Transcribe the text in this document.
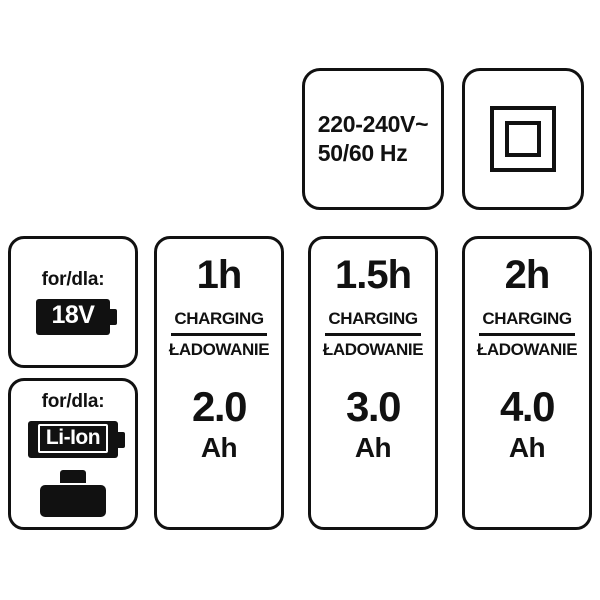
220-240V~
50/60 Hz
for/dla:
18V
for/dla:
Li-Ion
1h
CHARGING
ŁADOWANIE
2.0
Ah
1.5h
CHARGING
ŁADOWANIE
3.0
Ah
2h
CHARGING
ŁADOWANIE
4.0
Ah
